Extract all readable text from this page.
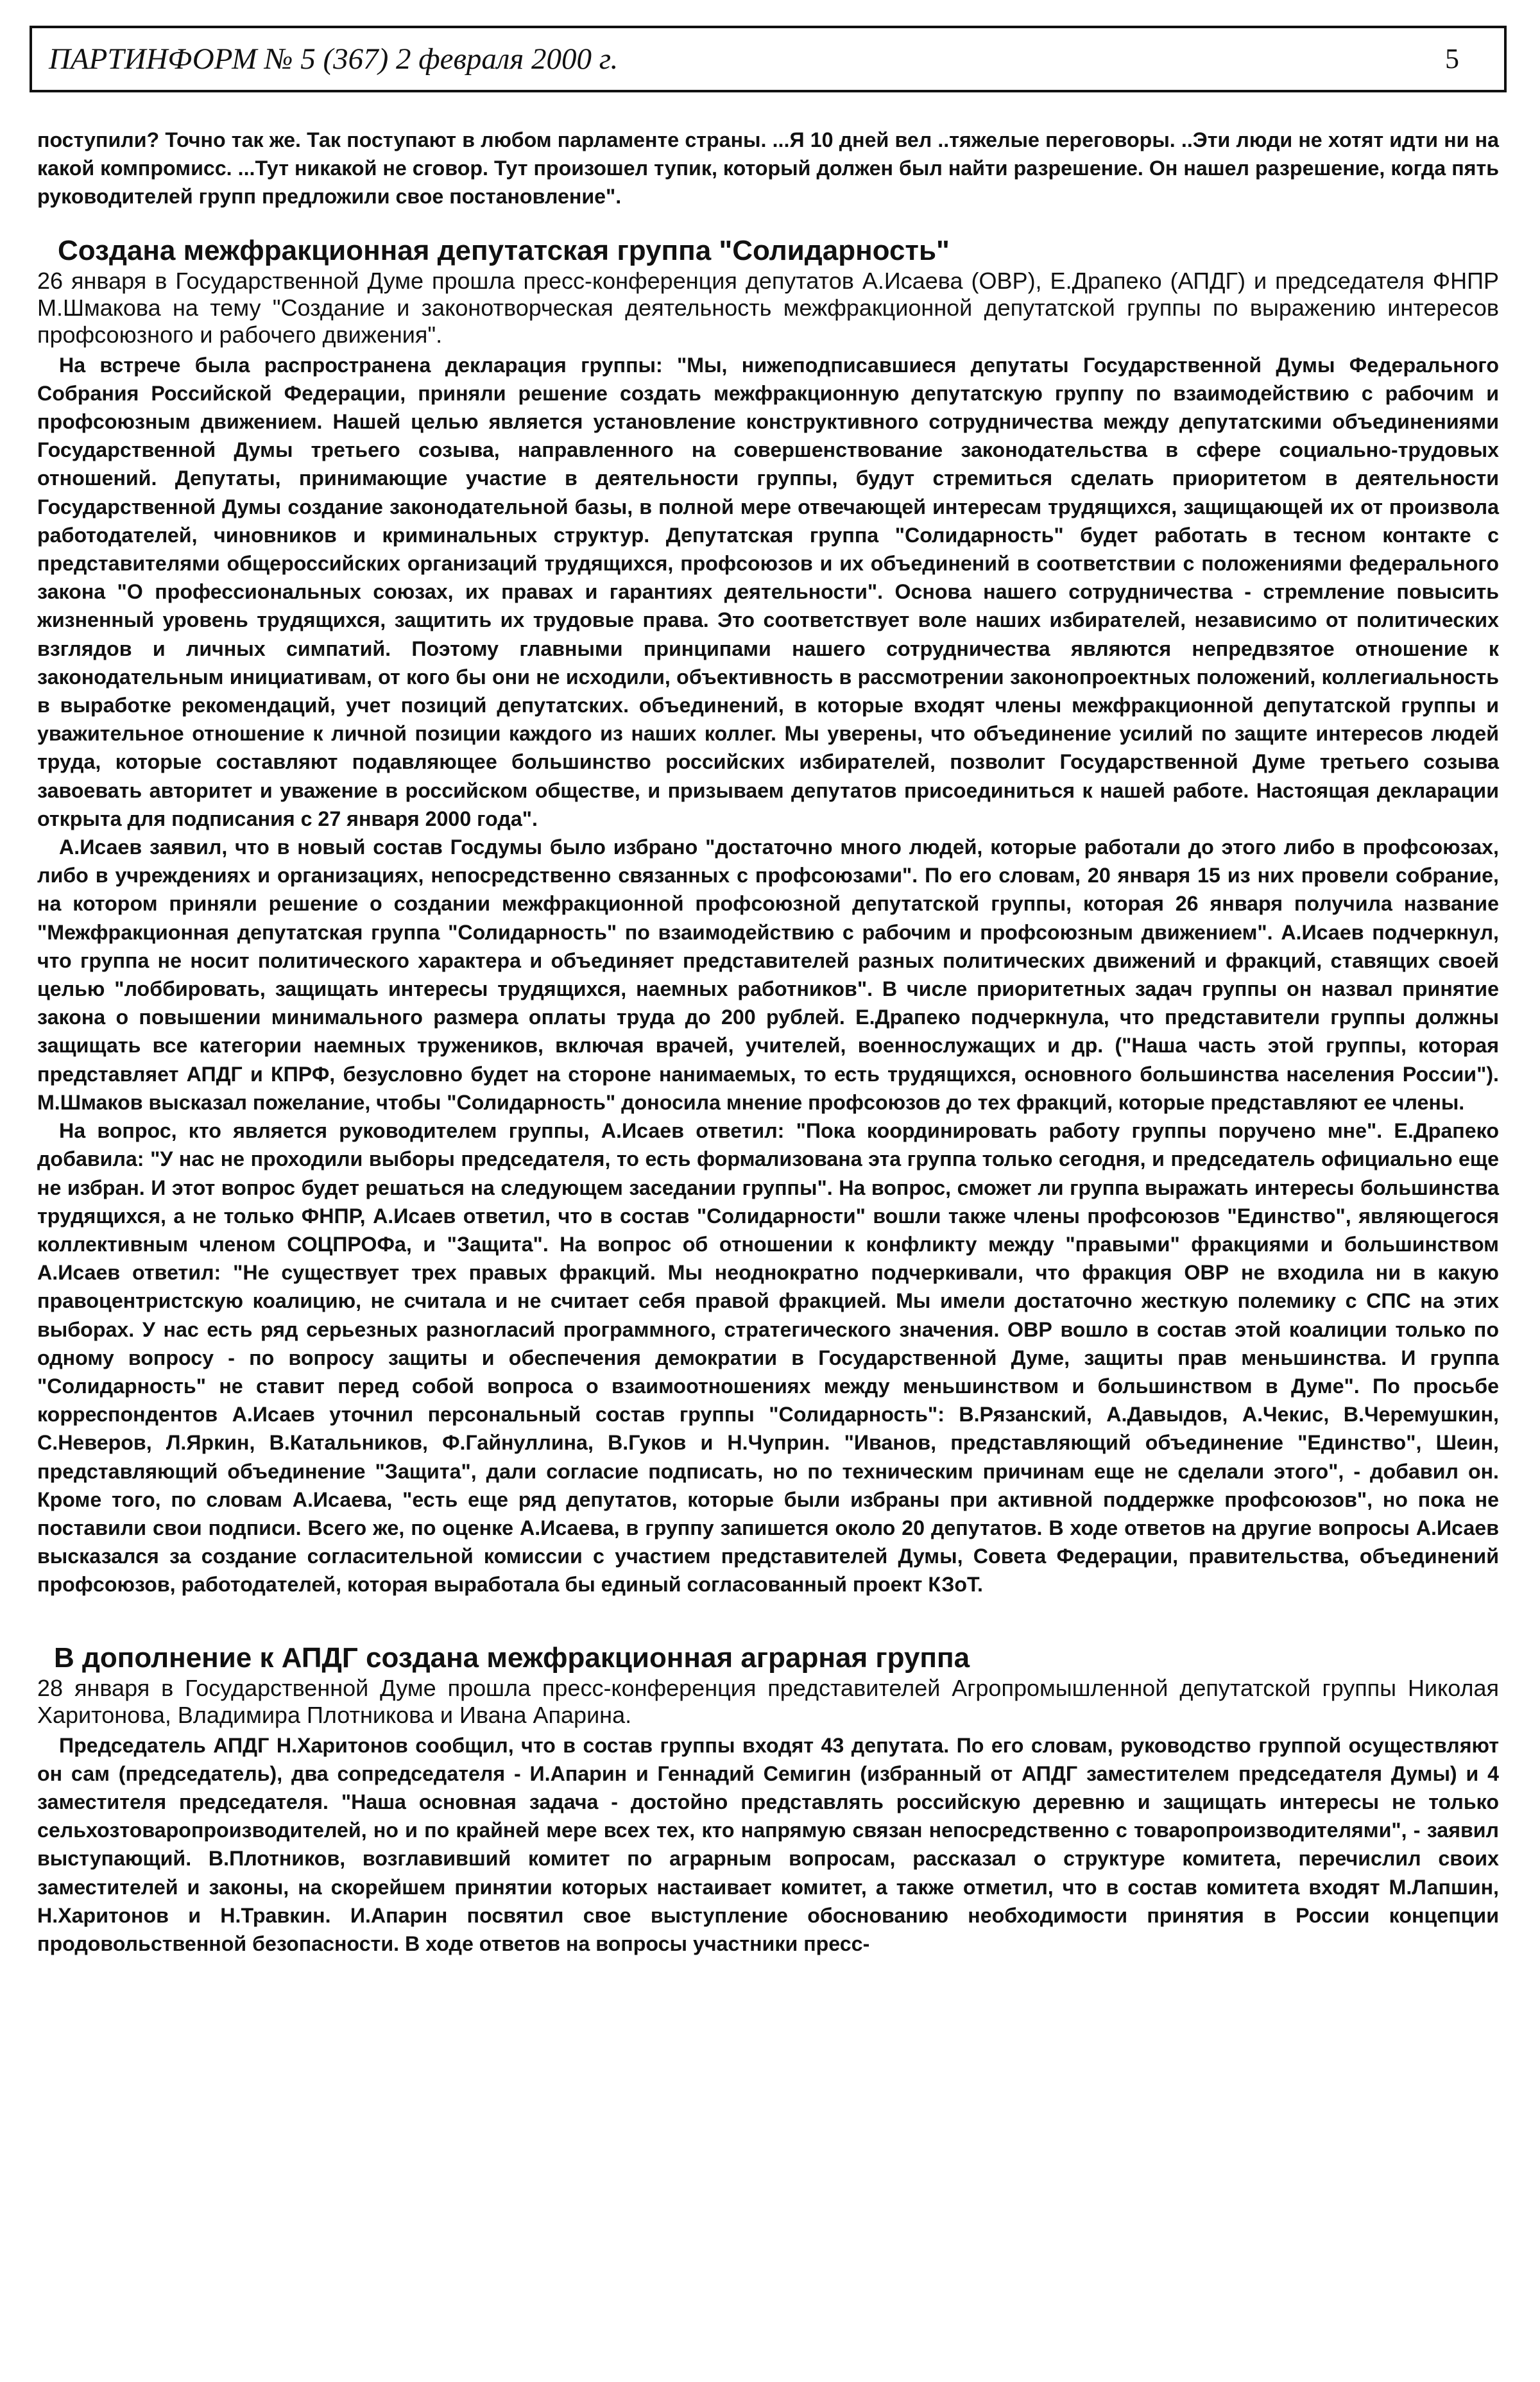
ПАРТИНФОРМ № 5 (367) 2 февраля 2000 г.	5

поступили? Точно так же. Так поступают в любом парламенте страны. ...Я 10 дней вел ..тяжелые переговоры. ..Эти люди не хотят идти ни на какой компромисс. ...Тут никакой не сговор. Тут произошел тупик, который должен был найти разрешение. Он нашел разрешение, когда пять руководителей групп предложили свое постановление".

Создана межфракционная депутатская группа "Солидарность"

26 января в Государственной Думе прошла пресс-конференция депутатов А.Исаева (ОВР), Е.Драпеко (АПДГ) и председателя ФНПР М.Шмакова на тему "Создание и законотворческая деятельность межфракционной депутатской группы по выражению интересов профсоюзного и рабочего движения".

На встрече была распространена декларация группы: "Мы, нижеподписавшиеся депутаты Государственной Думы Федерального Собрания Российской Федерации, приняли решение создать межфракционную депутатскую группу по взаимодействию с рабочим и профсоюзным движением. Нашей целью является установление конструктивного сотрудничества между депутатскими объединениями Государственной Думы третьего созыва, направленного на совершенствование законодательства в сфере социально-трудовых отношений. Депутаты, принимающие участие в деятельности группы, будут стремиться сделать приоритетом в деятельности Государственной Думы создание законодательной базы, в полной мере отвечающей интересам трудящихся, защищающей их от произвола работодателей, чиновников и криминальных структур. Депутатская группа "Солидарность" будет работать в тесном контакте с представителями общероссийских организаций трудящихся, профсоюзов и их объединений в соответствии с положениями федерального закона "О профессиональных союзах, их правах и гарантиях деятельности". Основа нашего сотрудничества - стремление повысить жизненный уровень трудящихся, защитить их трудовые права. Это соответствует воле наших избирателей, независимо от политических взглядов и личных симпатий. Поэтому главными принципами нашего сотрудничества являются непредвзятое отношение к законодательным инициативам, от кого бы они не исходили, объективность в рассмотрении законопроектных положений, коллегиальность в выработке рекомендаций, учет позиций депутатских. объединений, в которые входят члены межфракционной депутатской группы и уважительное отношение к личной позиции каждого из наших коллег. Мы уверены, что объединение усилий по защите интересов людей труда, которые составляют подавляющее большинство российских избирателей, позволит Государственной Думе третьего созыва завоевать авторитет и уважение в российском обществе, и призываем депутатов присоединиться к нашей работе. Настоящая декларации открыта для подписания с 27 января 2000 года".

А.Исаев заявил, что в новый состав Госдумы было избрано "достаточно много людей, которые работали до этого либо в профсоюзах, либо в учреждениях и организациях, непосредственно связанных с профсоюзами". По его словам, 20 января 15 из них провели собрание, на котором приняли решение о создании межфракционной профсоюзной депутатской группы, которая 26 января получила название "Межфракционная депутатская группа "Солидарность" по взаимодействию с рабочим и профсоюзным движением". А.Исаев подчеркнул, что группа не носит политического характера и объединяет представителей разных политических движений и фракций, ставящих своей целью "лоббировать, защищать интересы трудящихся, наемных работников". В числе приоритетных задач группы он назвал принятие закона о повышении минимального размера оплаты труда до 200 рублей. Е.Драпеко подчеркнула, что представители группы должны защищать все категории наемных тружеников, включая врачей, учителей, военнослужащих и др. ("Наша часть этой группы, которая представляет АПДГ и КПРФ, безусловно будет на стороне нанимаемых, то есть трудящихся, основного большинства населения России"). М.Шмаков высказал пожелание, чтобы "Солидарность" доносила мнение профсоюзов до тех фракций, которые представляют ее члены.

На вопрос, кто является руководителем группы, А.Исаев ответил: "Пока координировать работу группы поручено мне". Е.Драпеко добавила: "У нас не проходили выборы председателя, то есть формализована эта группа только сегодня, и председатель официально еще не избран. И этот вопрос будет решаться на следующем заседании группы". На вопрос, сможет ли группа выражать интересы большинства трудящихся, а не только ФНПР, А.Исаев ответил, что в состав "Солидарности" вошли также члены профсоюзов "Единство", являющегося коллективным членом СОЦПРОФа, и "Защита". На вопрос об отношении к конфликту между "правыми" фракциями и большинством А.Исаев ответил: "Не существует трех правых фракций. Мы неоднократно подчеркивали, что фракция ОВР не входила ни в какую правоцентристскую коалицию, не считала и не считает себя правой фракцией. Мы имели достаточно жесткую полемику с СПС на этих выборах. У нас есть ряд серьезных разногласий программного, стратегического значения. ОВР вошло в состав этой коалиции только по одному вопросу - по вопросу защиты и обеспечения демократии в Государственной Думе, защиты прав меньшинства. И группа "Солидарность" не ставит перед собой вопроса о взаимоотношениях между меньшинством и большинством в Думе". По просьбе корреспондентов А.Исаев уточнил персональный состав группы "Солидарность": В.Рязанский, А.Давыдов, А.Чекис, В.Черемушкин, С.Неверов, Л.Яркин, В.Катальников, Ф.Гайнуллина, В.Гуков и Н.Чуприн. "Иванов, представляющий объединение "Единство", Шеин, представляющий объединение "Защита", дали согласие подписать, но по техническим причинам еще не сделали этого", - добавил он. Кроме того, по словам А.Исаева, "есть еще ряд депутатов, которые были избраны при активной поддержке профсоюзов", но пока не поставили свои подписи. Всего же, по оценке А.Исаева, в группу запишется около 20 депутатов. В ходе ответов на другие вопросы А.Исаев высказался за создание согласительной комиссии с участием представителей Думы, Совета Федерации, правительства, объединений профсоюзов, работодателей, которая выработала бы единый согласованный проект КЗоТ.

В дополнение к АПДГ создана межфракционная аграрная группа

28 января в Государственной Думе прошла пресс-конференция представителей Агропромышленной депутатской группы Николая Харитонова, Владимира Плотникова и Ивана Апарина.

Председатель АПДГ Н.Харитонов сообщил, что в состав группы входят 43 депутата. По его словам, руководство группой осуществляют он сам (председатель), два сопредседателя - И.Апарин и Геннадий Семигин (избранный от АПДГ заместителем председателя Думы) и 4 заместителя председателя. "Наша основная задача - достойно представлять российскую деревню и защищать интересы не только сельхозтоваропроизводителей, но и по крайней мере всех тех, кто напрямую связан непосредственно с товаропроизводителями", - заявил выступающий. В.Плотников, возглавивший комитет по аграрным вопросам, рассказал о структуре комитета, перечислил своих заместителей и законы, на скорейшем принятии которых настаивает комитет, а также отметил, что в состав комитета входят М.Лапшин, Н.Харитонов и Н.Травкин. И.Апарин посвятил свое выступление обоснованию необходимости принятия в России концепции продовольственной безопасности. В ходе ответов на вопросы участники пресс-
